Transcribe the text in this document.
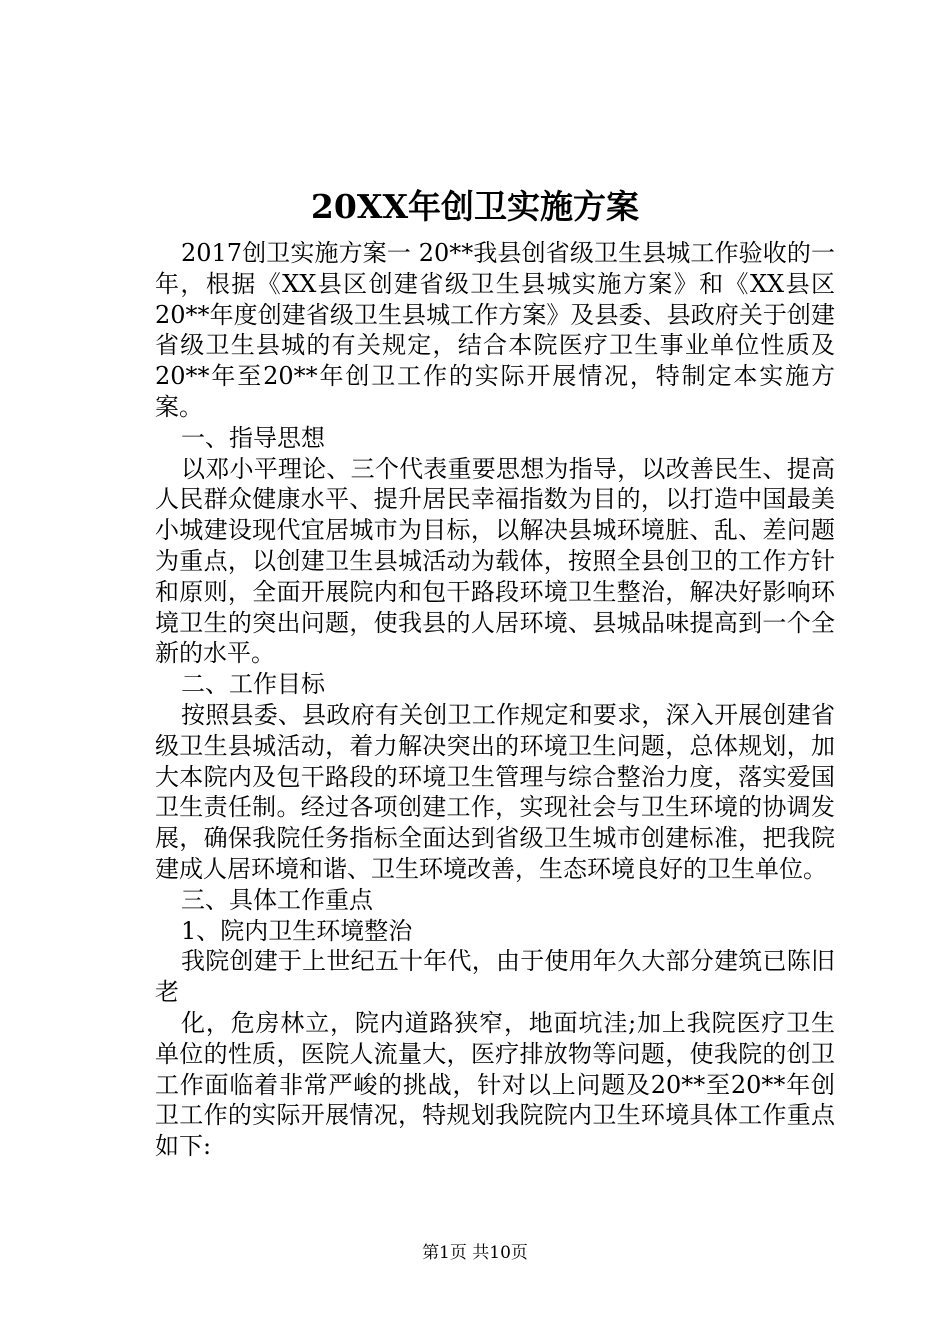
20XX年创卫实施方案

2017创卫实施方案一 20**我县创省级卫生县城工作验收的一年，根据《XX县区创建省级卫生县城实施方案》和《XX县区20**年度创建省级卫生县城工作方案》及县委、县政府关于创建省级卫生县城的有关规定，结合本院医疗卫生事业单位性质及20**年至20**年创卫工作的实际开展情况，特制定本实施方案。

一、指导思想

以邓小平理论、三个代表重要思想为指导，以改善民生、提高人民群众健康水平、提升居民幸福指数为目的，以打造中国最美小城建设现代宜居城市为目标，以解决县城环境脏、乱、差问题为重点，以创建卫生县城活动为载体，按照全县创卫的工作方针和原则，全面开展院内和包干路段环境卫生整治，解决好影响环境卫生的突出问题，使我县的人居环境、县城品味提高到一个全新的水平。

二、工作目标

按照县委、县政府有关创卫工作规定和要求，深入开展创建省级卫生县城活动，着力解决突出的环境卫生问题，总体规划，加大本院内及包干路段的环境卫生管理与综合整治力度，落实爱国卫生责任制。经过各项创建工作，实现社会与卫生环境的协调发展，确保我院任务指标全面达到省级卫生城市创建标准，把我院建成人居环境和谐、卫生环境改善，生态环境良好的卫生单位。

三、具体工作重点

1、院内卫生环境整治

我院创建于上世纪五十年代，由于使用年久大部分建筑已陈旧老

化，危房林立，院内道路狭窄，地面坑洼;加上我院医疗卫生单位的性质，医院人流量大，医疗排放物等问题，使我院的创卫工作面临着非常严峻的挑战，针对以上问题及20**至20**年创卫工作的实际开展情况，特规划我院院内卫生环境具体工作重点如下:

第1页 共10页
